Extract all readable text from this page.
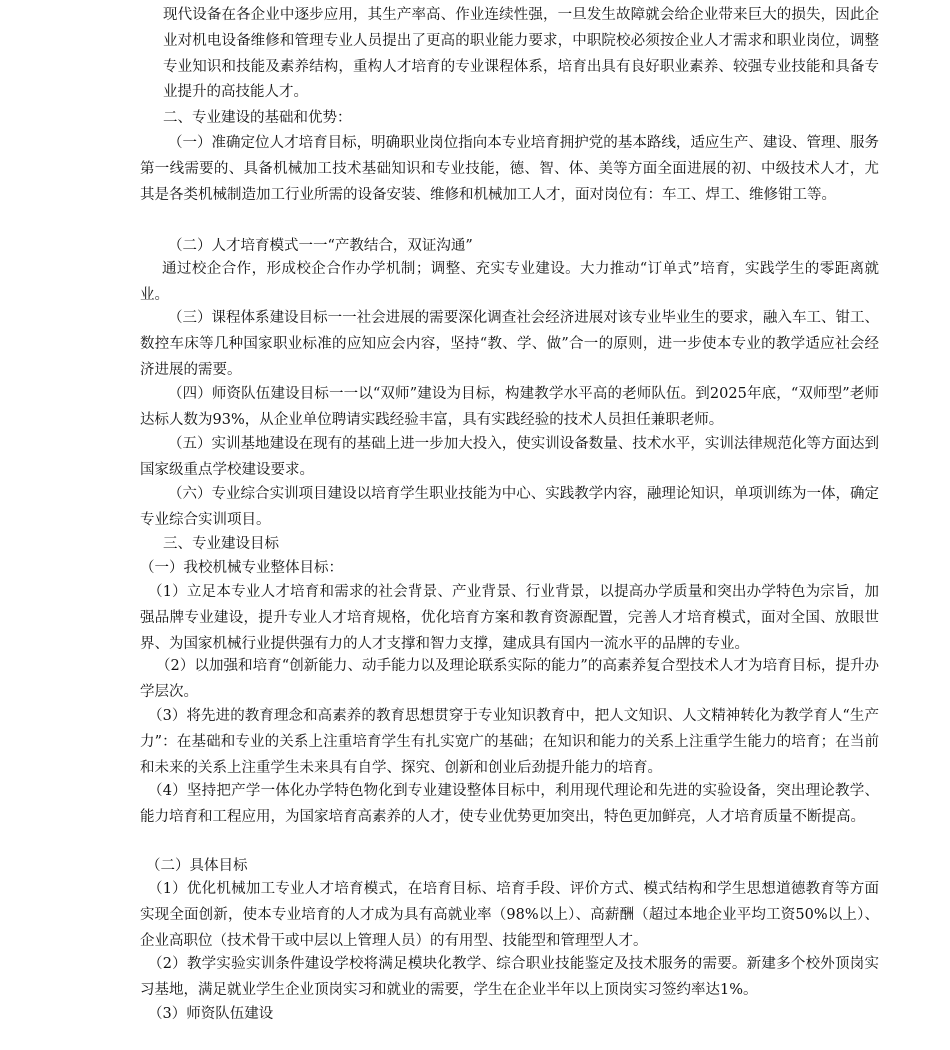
现代设备在各企业中逐步应用，其生产率高、作业连续性强，一旦发生故障就会给企业带来巨大的损失，因此企业对机电设备维修和管理专业人员提出了更高的职业能力要求，中职院校必须按企业人才需求和职业岗位，调整专业知识和技能及素养结构，重构人才培育的专业课程体系，培育出具有良好职业素养、较强专业技能和具备专业提升的高技能人才。

二、专业建设的基础和优势：

（一）准确定位人才培育目标，明确职业岗位指向本专业培育拥护党的基本路线，适应生产、建设、管理、服务第一线需要的、具备机械加工技术基础知识和专业技能，德、智、体、美等方面全面进展的初、中级技术人才，尤其是各类机械制造加工行业所需的设备安装、维修和机械加工人才，面对岗位有：车工、焊工、维修钳工等。

（二）人才培育模式一一“产教结合，双证沟通”

通过校企合作，形成校企合作办学机制；调整、充实专业建设。大力推动“订单式”培育，实践学生的零距离就业。

（三）课程体系建设目标一一社会进展的需要深化调查社会经济进展对该专业毕业生的要求，融入车工、钳工、数控车床等几种国家职业标准的应知应会内容，坚持“教、学、做”合一的原则，进一步使本专业的教学适应社会经济进展的需要。

（四）师资队伍建设目标一一以“双师”建设为目标，构建教学水平高的老师队伍。到2025年底，“双师型”老师达标人数为93%，从企业单位聘请实践经验丰富，具有实践经验的技术人员担任兼职老师。

（五）实训基地建设在现有的基础上进一步加大投入，使实训设备数量、技术水平，实训法律规范化等方面达到国家级重点学校建设要求。

（六）专业综合实训项目建设以培育学生职业技能为中心、实践教学内容，融理论知识，单项训练为一体，确定专业综合实训项目。

三、专业建设目标

（一）我校机械专业整体目标：

（1）立足本专业人才培育和需求的社会背景、产业背景、行业背景，以提高办学质量和突出办学特色为宗旨，加强品牌专业建设，提升专业人才培育规格，优化培育方案和教育资源配置，完善人才培育模式，面对全国、放眼世界、为国家机械行业提供强有力的人才支撑和智力支撑，建成具有国内一流水平的品牌的专业。

（2）以加强和培育“创新能力、动手能力以及理论联系实际的能力”的高素养复合型技术人才为培育目标，提升办学层次。

（3）将先进的教育理念和高素养的教育思想贯穿于专业知识教育中，把人文知识、人文精神转化为教学育人“生产力”：在基础和专业的关系上注重培育学生有扎实宽广的基础；在知识和能力的关系上注重学生能力的培育；在当前和未来的关系上注重学生未来具有自学、探究、创新和创业后劲提升能力的培育。

（4）坚持把产学一体化办学特色物化到专业建设整体目标中，利用现代理论和先进的实验设备，突出理论教学、能力培育和工程应用，为国家培育高素养的人才，使专业优势更加突出，特色更加鲜亮，人才培育质量不断提高。

（二）具体目标

（1）优化机械加工专业人才培育模式，在培育目标、培育手段、评价方式、模式结构和学生思想道德教育等方面实现全面创新，使本专业培育的人才成为具有高就业率（98%以上）、高薪酬（超过本地企业平均工资50%以上）、企业高职位（技术骨干或中层以上管理人员）的有用型、技能型和管理型人才。

（2）教学实验实训条件建设学校将满足模块化教学、综合职业技能鉴定及技术服务的需要。新建多个校外顶岗实习基地，满足就业学生企业顶岗实习和就业的需要，学生在企业半年以上顶岗实习签约率达1%。

（3）师资队伍建设
